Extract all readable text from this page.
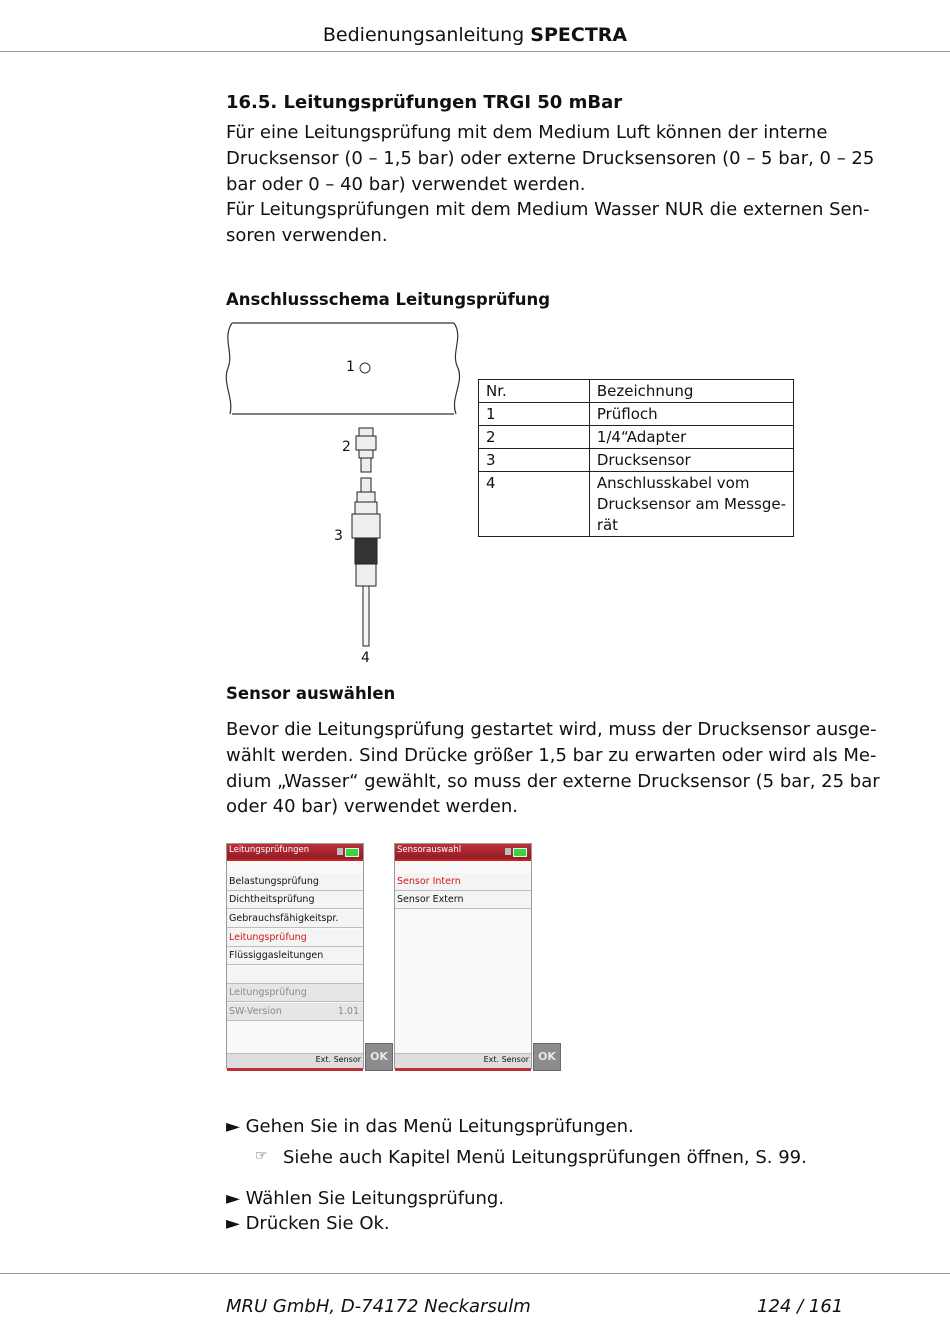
Bedienungsanleitung SPECTRA
16.5. Leitungsprüfungen TRGI 50 mBar
Für eine Leitungsprüfung mit dem Medium Luft können der interne
Drucksensor (0 – 1,5 bar) oder externe Drucksensoren (0 – 5 bar, 0 – 25
bar oder 0 – 40 bar) verwendet werden.
Für Leitungsprüfungen mit dem Medium Wasser NUR die externen Sen-
soren verwenden.
Anschlussschema Leitungsprüfung
1
2
3
4
Nr.	Bezeichnung
1	Prüfloch

2	1/4“Adapter

3	Drucksensor

4	Anschlusskabel vom
Drucksensor am Messge-
rät
Sensor auswählen
Bevor die Leitungsprüfung gestartet wird, muss der Drucksensor ausge-
wählt werden. Sind Drücke größer 1,5 bar zu erwarten oder wird als Me-
dium „Wasser“ gewählt, so muss der externe Drucksensor (5 bar, 25 bar
oder 40 bar) verwendet werden.
Leitungsprüfungen
Belastungsprüfung
Dichtheitsprüfung
Gebrauchsfähigkeitspr.
Leitungsprüfung
Flüssiggasleitungen
Leitungsprüfung
SW-Version	1.01
Ext. Sensor OK
Sensorauswahl
Sensor Intern
Sensor Extern
Ext. Sensor OK
► Gehen Sie in das Menü Leitungsprüfungen.
☞ Siehe auch Kapitel Menü Leitungsprüfungen öffnen, S. 99.
► Wählen Sie Leitungsprüfung.
► Drücken Sie Ok.
MRU GmbH, D-74172 Neckarsulm	124 / 161
